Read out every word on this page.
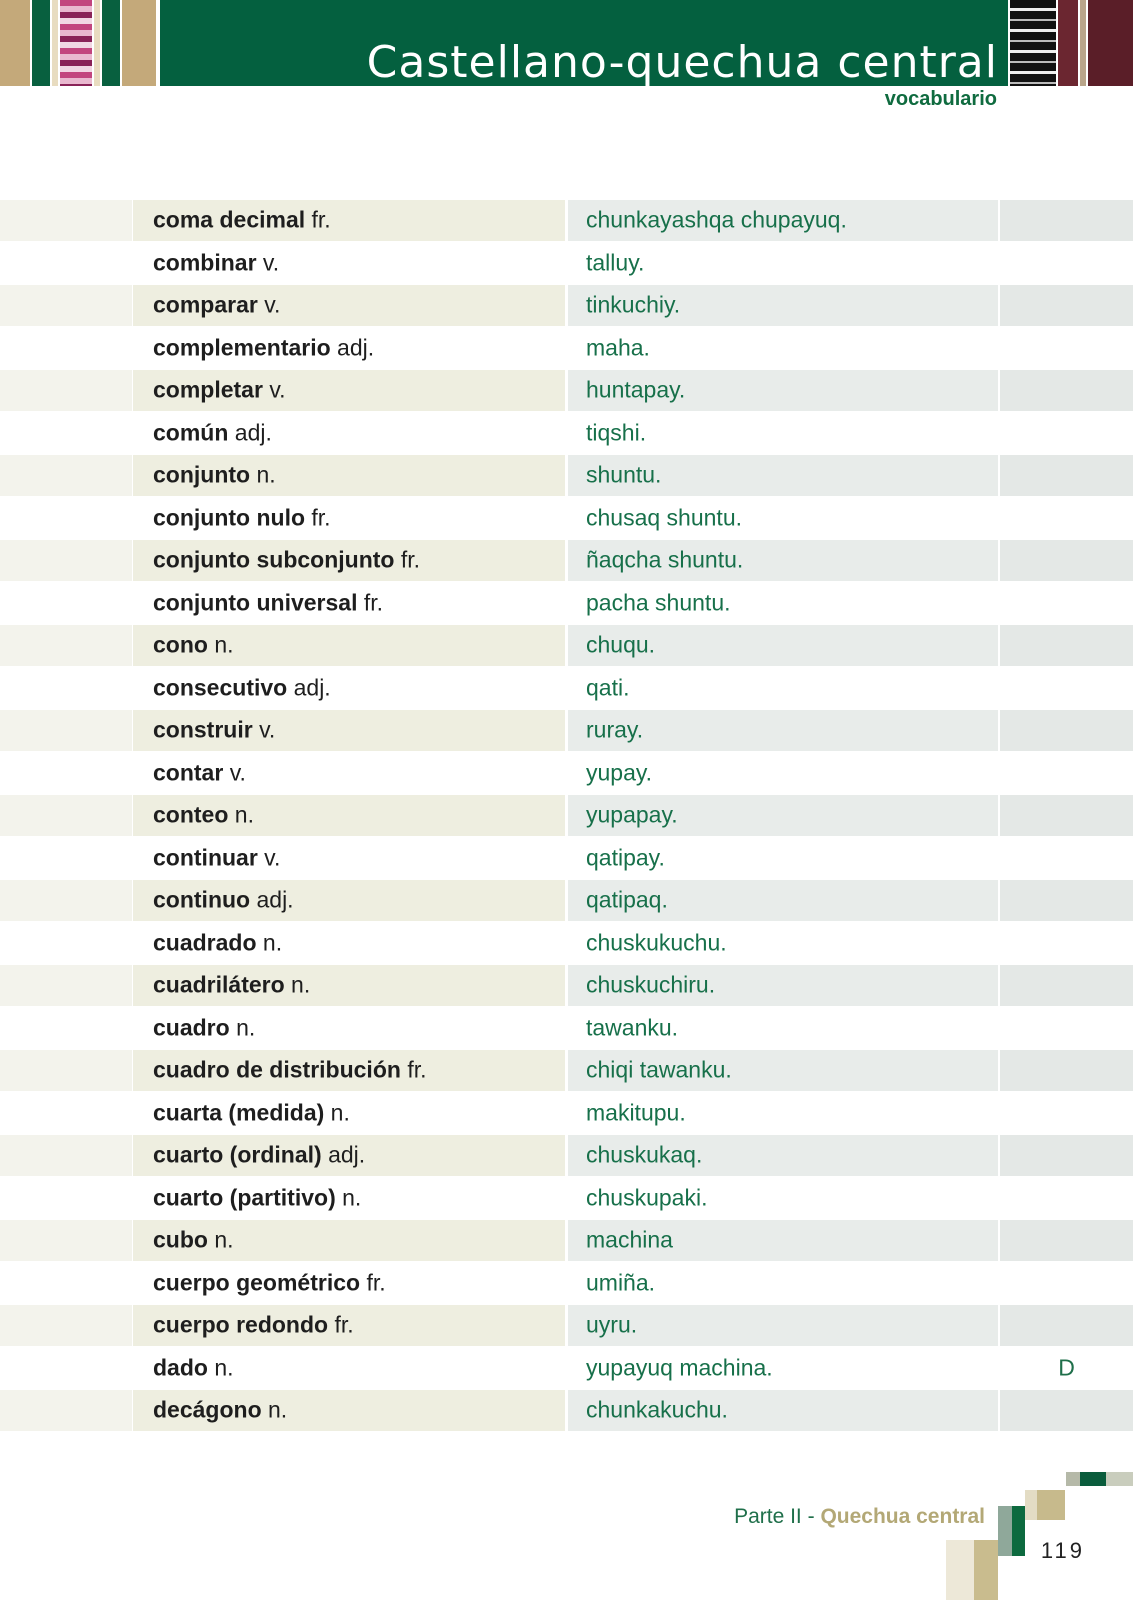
Castellano-quechua central
vocabulario
coma decimal fr.	chunkayashqa chupayuq.
combinar v.	talluy.
comparar v.	tinkuchiy.
complementario adj.	maha.
completar v.	huntapay.
común adj.	tiqshi.
conjunto n.	shuntu.
conjunto nulo fr.	chusaq shuntu.
conjunto subconjunto fr.	ñaqcha shuntu.
conjunto universal fr.	pacha shuntu.
cono n.	chuqu.
consecutivo adj.	qati.
construir v.	ruray.
contar v.	yupay.
conteo n.	yupapay.
continuar v.	qatipay.
continuo adj.	qatipaq.
cuadrado n.	chuskukuchu.
cuadrilátero n.	chuskuchiru.
cuadro n.	tawanku.
cuadro de distribución fr.	chiqi tawanku.
cuarta (medida) n.	makitupu.
cuarto (ordinal) adj.	chuskukaq.
cuarto (partitivo) n.	chuskupaki.
cubo n.	machina
cuerpo geométrico fr.	umiña.
cuerpo redondo fr.	uyru.
dado n.	yupayuq machina.	D
decágono n.	chunkakuchu.
Parte II - Quechua central
119
